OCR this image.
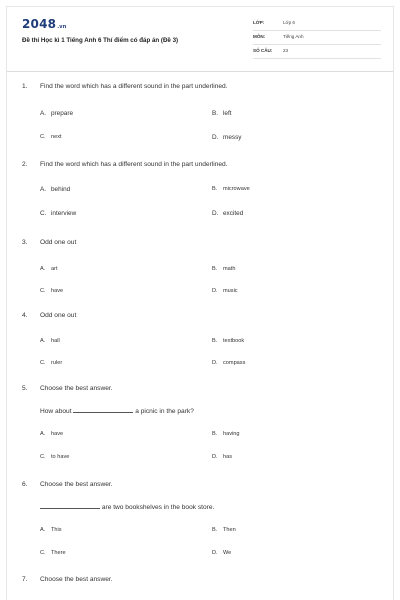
2048.vn
Đề thi Học kì 1 Tiếng Anh 6 Thí điểm có đáp án (Đề 3)
LỚP:	Lớp 6
MÔN:	Tiếng Anh
SỐ CÂU: 23
1. Find the word which has a different sound in the part underlined.
A. prepare	B. left
C. next	D. messy
2. Find the word which has a different sound in the part underlined.
A. behind	B. microwave
C. interview	D. excited
3. Odd one out
A. art	B. math
C. have	D. music
4. Odd one out
A. hall	B. textbook
C. ruler	D. compass
5. Choose the best answer.
How about	a picnic in the park?
A. have	B. having
C. to have	D. has
6. Choose the best answer.
are two bookshelves in the book store.
A. This	B. Then
C. There	D. We
7. Choose the best answer.
